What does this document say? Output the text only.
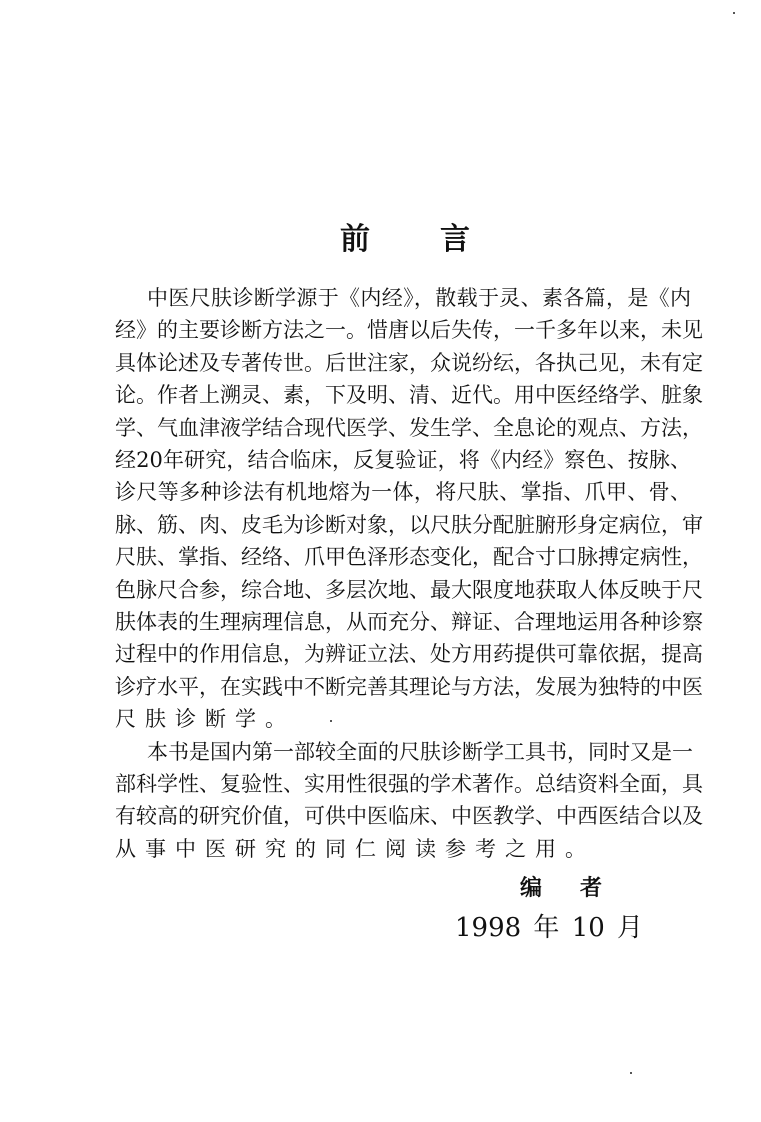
前 言
中医尺肤诊断学源于《内经》，散载于灵、素各篇，是《内
经》的主要诊断方法之一。惜唐以后失传，一千多年以来，未见
具体论述及专著传世。后世注家，众说纷纭，各执己见，未有定
论。作者上溯灵、素，下及明、清、近代。用中医经络学、脏象
学、气血津液学结合现代医学、发生学、全息论的观点、方法，
经20年研究，结合临床，反复验证，将《内经》察色、按脉、
诊尺等多种诊法有机地熔为一体，将尺肤、掌指、爪甲、骨、
脉、筋、肉、皮毛为诊断对象，以尺肤分配脏腑形身定病位，审
尺肤、掌指、经络、爪甲色泽形态变化，配合寸口脉搏定病性，
色脉尺合参，综合地、多层次地、最大限度地获取人体反映于尺
肤体表的生理病理信息，从而充分、辩证、合理地运用各种诊察
过程中的作用信息，为辨证立法、处方用药提供可靠依据，提高
诊疗水平，在实践中不断完善其理论与方法，发展为独特的中医
尺肤诊断学。
本书是国内第一部较全面的尺肤诊断学工具书，同时又是一
部科学性、复验性、实用性很强的学术著作。总结资料全面，具
有较高的研究价值，可供中医临床、中医教学、中西医结合以及
从事中医研究的同仁阅读参考之用。
编 者
1998 年 10 月
